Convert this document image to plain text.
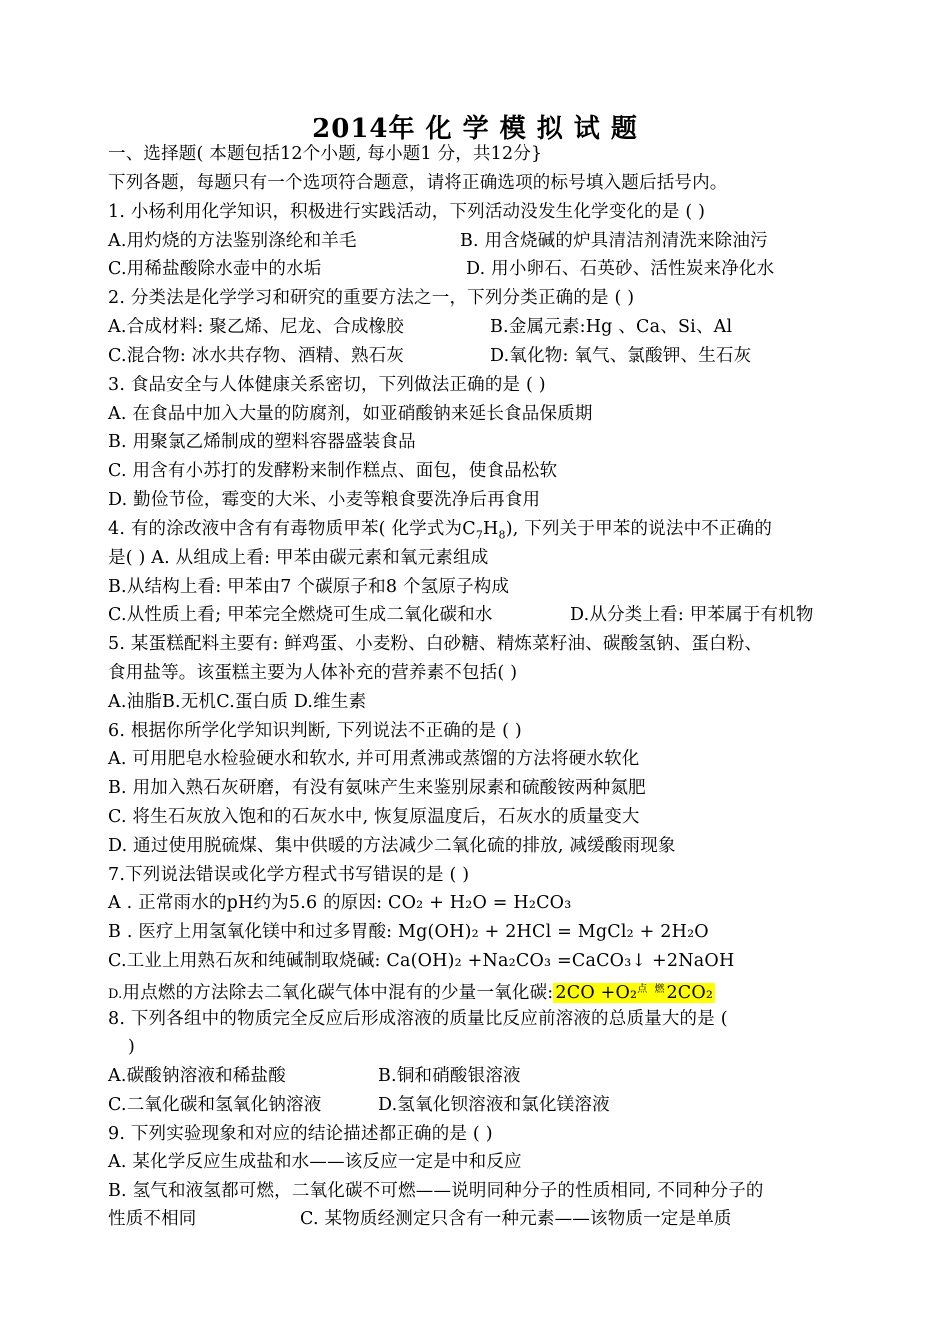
2014年 化 学 模 拟 试 题
一、选择题( 本题包括12个小题, 每小题1 分，共12分}
下列各题，每题只有一个选项符合题意，请将正确选项的标号填入题后括号内。
1. 小杨利用化学知识，积极进行实践活动，下列活动没发生化学变化的是 ( )
A.用灼烧的方法鉴别涤纶和羊毛	B. 用含烧碱的炉具清洁剂清洗来除油污
C.用稀盐酸除水壶中的水垢	D. 用小卵石、石英砂、活性炭来净化水
2. 分类法是化学学习和研究的重要方法之一，下列分类正确的是 ( )
A.合成材料: 聚乙烯、尼龙、合成橡胶	B.金属元素:Hg 、Ca、Si、Al
C.混合物: 冰水共存物、酒精、熟石灰	D.氧化物: 氧气、氯酸钾、生石灰
3. 食品安全与人体健康关系密切，下列做法正确的是 ( )
A. 在食品中加入大量的防腐剂，如亚硝酸钠来延长食品保质期
B. 用聚氯乙烯制成的塑料容器盛装食品
C. 用含有小苏打的发酵粉来制作糕点、面包，使食品松软
D. 勤俭节俭，霉变的大米、小麦等粮食要洗净后再食用
4. 有的涂改液中含有有毒物质甲苯( 化学式为$C_7H_8$), 下列关于甲苯的说法中不正确的
是( ) A. 从组成上看: 甲苯由碳元素和氧元素组成
B.从结构上看: 甲苯由7 个碳原子和8 个氢原子构成
C.从性质上看; 甲苯完全燃烧可生成二氧化碳和水	D.从分类上看: 甲苯属于有机物
5. 某蛋糕配料主要有: 鲜鸡蛋、小麦粉、白砂糖、精炼菜籽油、碳酸氢钠、蛋白粉、
食用盐等。该蛋糕主要为人体补充的营养素不包括( )
A.油脂B.无机C.蛋白质 D.维生素
6. 根据你所学化学知识判断, 下列说法不正确的是 ( )
A. 可用肥皂水检验硬水和软水, 并可用煮沸或蒸馏的方法将硬水软化
B. 用加入熟石灰研磨，有没有氨味产生来鉴别尿素和硫酸铵两种氮肥
C. 将生石灰放入饱和的石灰水中, 恢复原温度后，石灰水的质量变大
D. 通过使用脱硫煤、集中供暖的方法减少二氧化硫的排放, 减缓酸雨现象
7.下列说法错误或化学方程式书写错误的是 ( )
A . 正常雨水的pH约为5.6 的原因: CO₂ + H₂O = H₂CO₃
B . 医疗上用氢氧化镁中和过多胃酸: Mg(OH)₂ + 2HCl = MgCl₂ + 2H₂O
C.工业上用熟石灰和纯碱制取烧碱: Ca(OH)₂ +Na₂CO₃ =CaCO₃↓ +2NaOH
D.用点燃的方法除去二氧化碳气体中混有的少量一氧化碳: 2CO +O₂$^{点 燃}$2CO₂
8. 下列各组中的物质完全反应后形成溶液的质量比反应前溶液的总质量大的是 (
)
A.碳酸钠溶液和稀盐酸	B.铜和硝酸银溶液
C.二氧化碳和氢氧化钠溶液	D.氢氧化钡溶液和氯化镁溶液
9. 下列实验现象和对应的结论描述都正确的是 ( )
A. 某化学反应生成盐和水——该反应一定是中和反应
B. 氢气和液氢都可燃，二氧化碳不可燃——说明同种分子的性质相同, 不同种分子的
性质不相同	C. 某物质经测定只含有一种元素——该物质一定是单质
